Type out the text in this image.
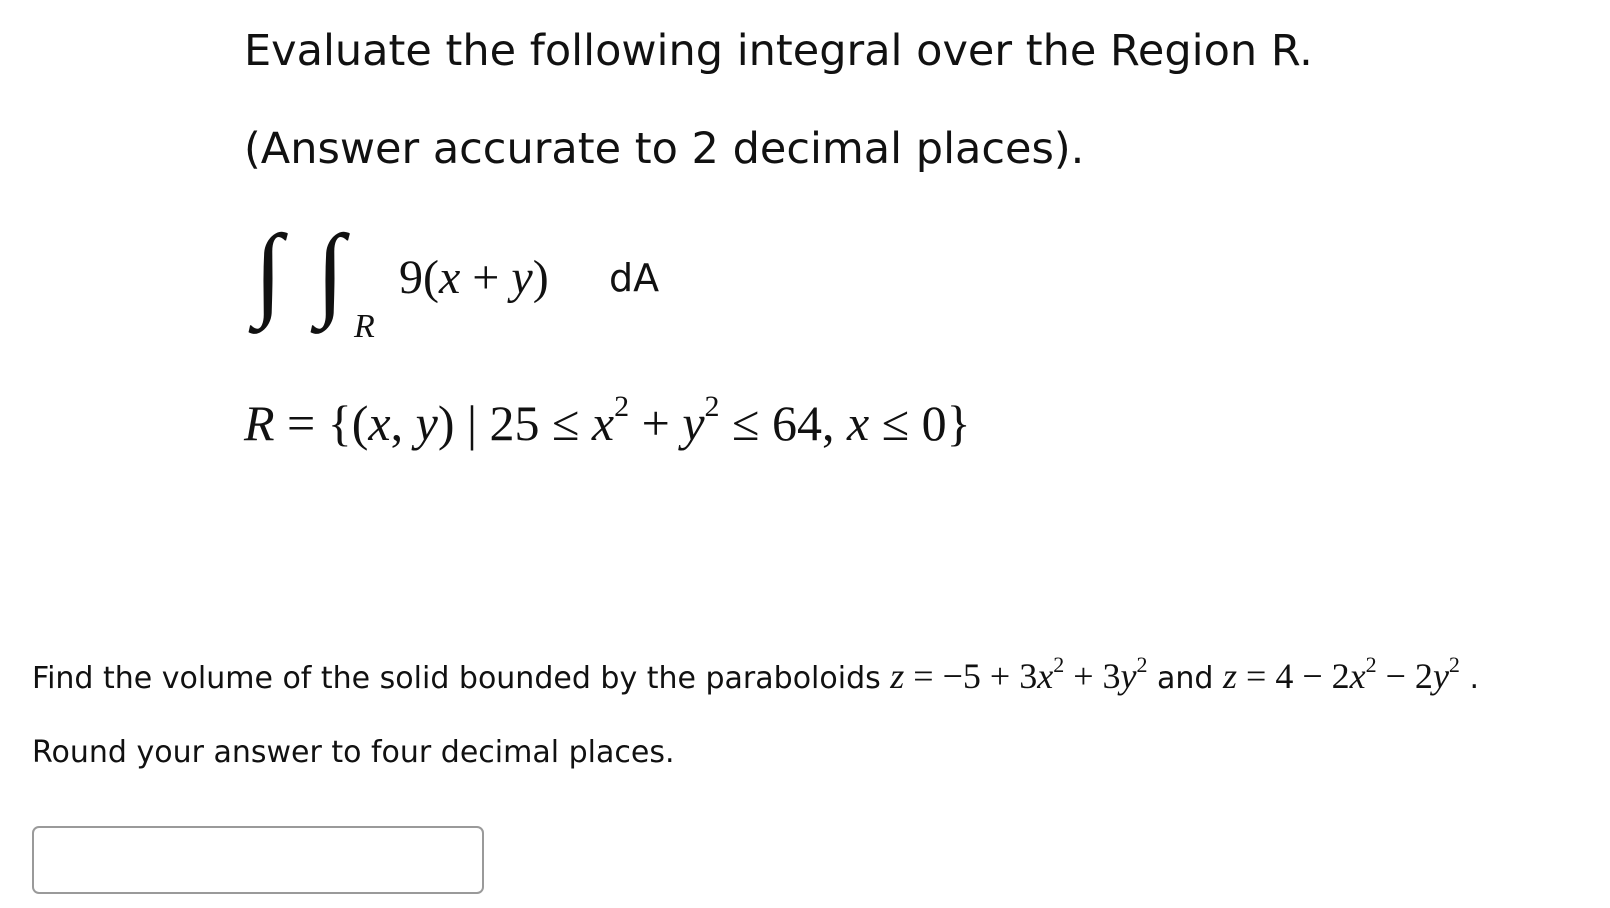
Evaluate the following integral over the Region R.
(Answer accurate to 2 decimal places).
∫ ∫ R
9(x + y) dA
R = {(x, y) | $25 \le x^2 + y^2 \le 64$, x ≤ 0}
Find the volume of the solid bounded by the paraboloids $z = -5 + 3x^2 + 3y^2$ and $z = 4 - 2x^2 - 2y^2$ .
Round your answer to four decimal places.
